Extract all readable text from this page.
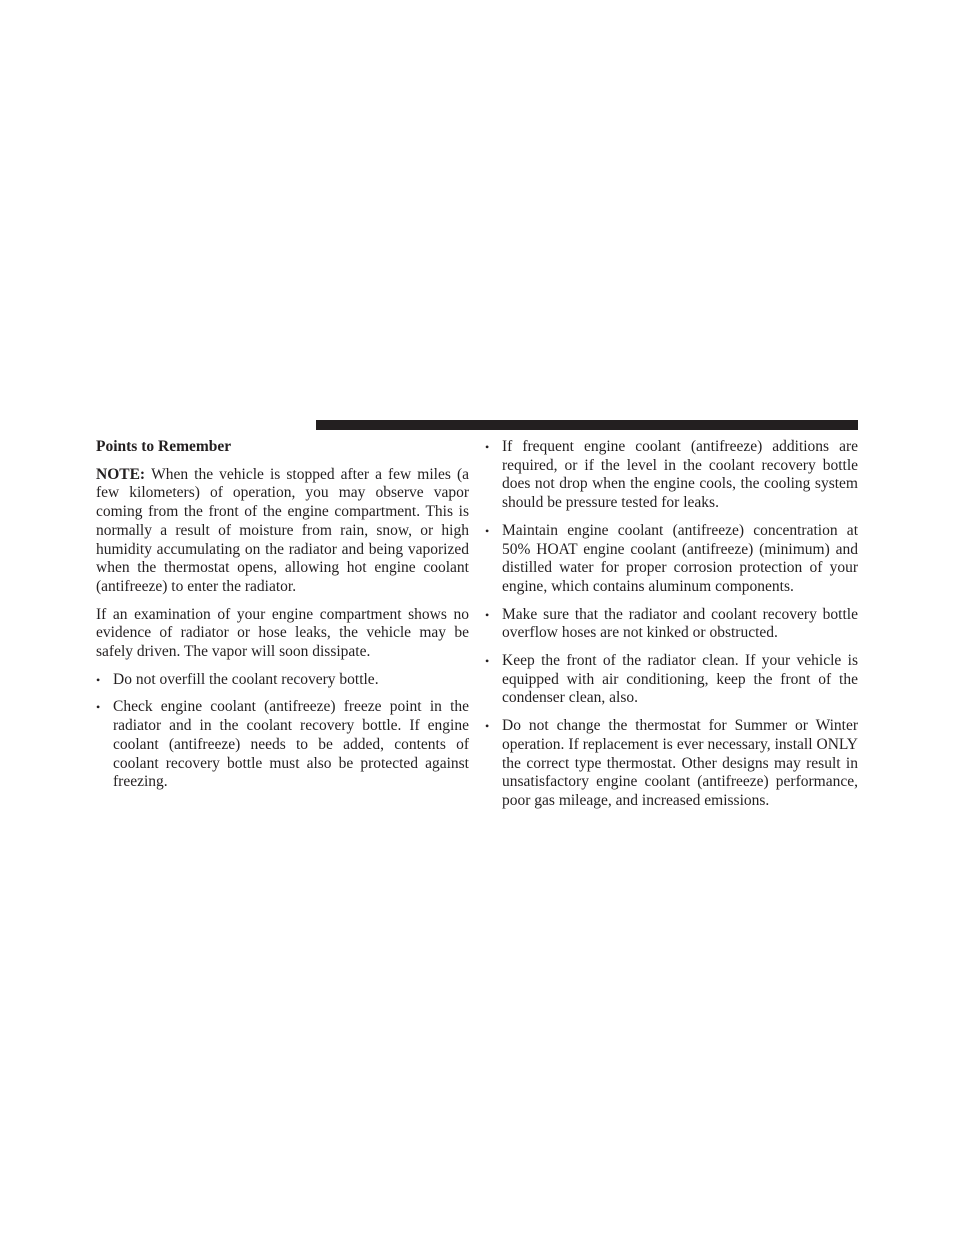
Points to Remember

NOTE: When the vehicle is stopped after a few miles (a few kilometers) of operation, you may observe vapor coming from the front of the engine compartment. This is normally a result of moisture from rain, snow, or high humidity accumulating on the radiator and being vaporized when the thermostat opens, allowing hot engine coolant (antifreeze) to enter the radiator.

If an examination of your engine compartment shows no evidence of radiator or hose leaks, the vehicle may be safely driven. The vapor will soon dissipate.

• Do not overfill the coolant recovery bottle.
• Check engine coolant (antifreeze) freeze point in the radiator and in the coolant recovery bottle. If engine coolant (antifreeze) needs to be added, contents of coolant recovery bottle must also be protected against freezing.
• If frequent engine coolant (antifreeze) additions are required, or if the level in the coolant recovery bottle does not drop when the engine cools, the cooling system should be pressure tested for leaks.
• Maintain engine coolant (antifreeze) concentration at 50% HOAT engine coolant (antifreeze) (minimum) and distilled water for proper corrosion protection of your engine, which contains aluminum components.
• Make sure that the radiator and coolant recovery bottle overflow hoses are not kinked or obstructed.
• Keep the front of the radiator clean. If your vehicle is equipped with air conditioning, keep the front of the condenser clean, also.
• Do not change the thermostat for Summer or Winter operation. If replacement is ever necessary, install ONLY the correct type thermostat. Other designs may result in unsatisfactory engine coolant (antifreeze) performance, poor gas mileage, and increased emissions.
